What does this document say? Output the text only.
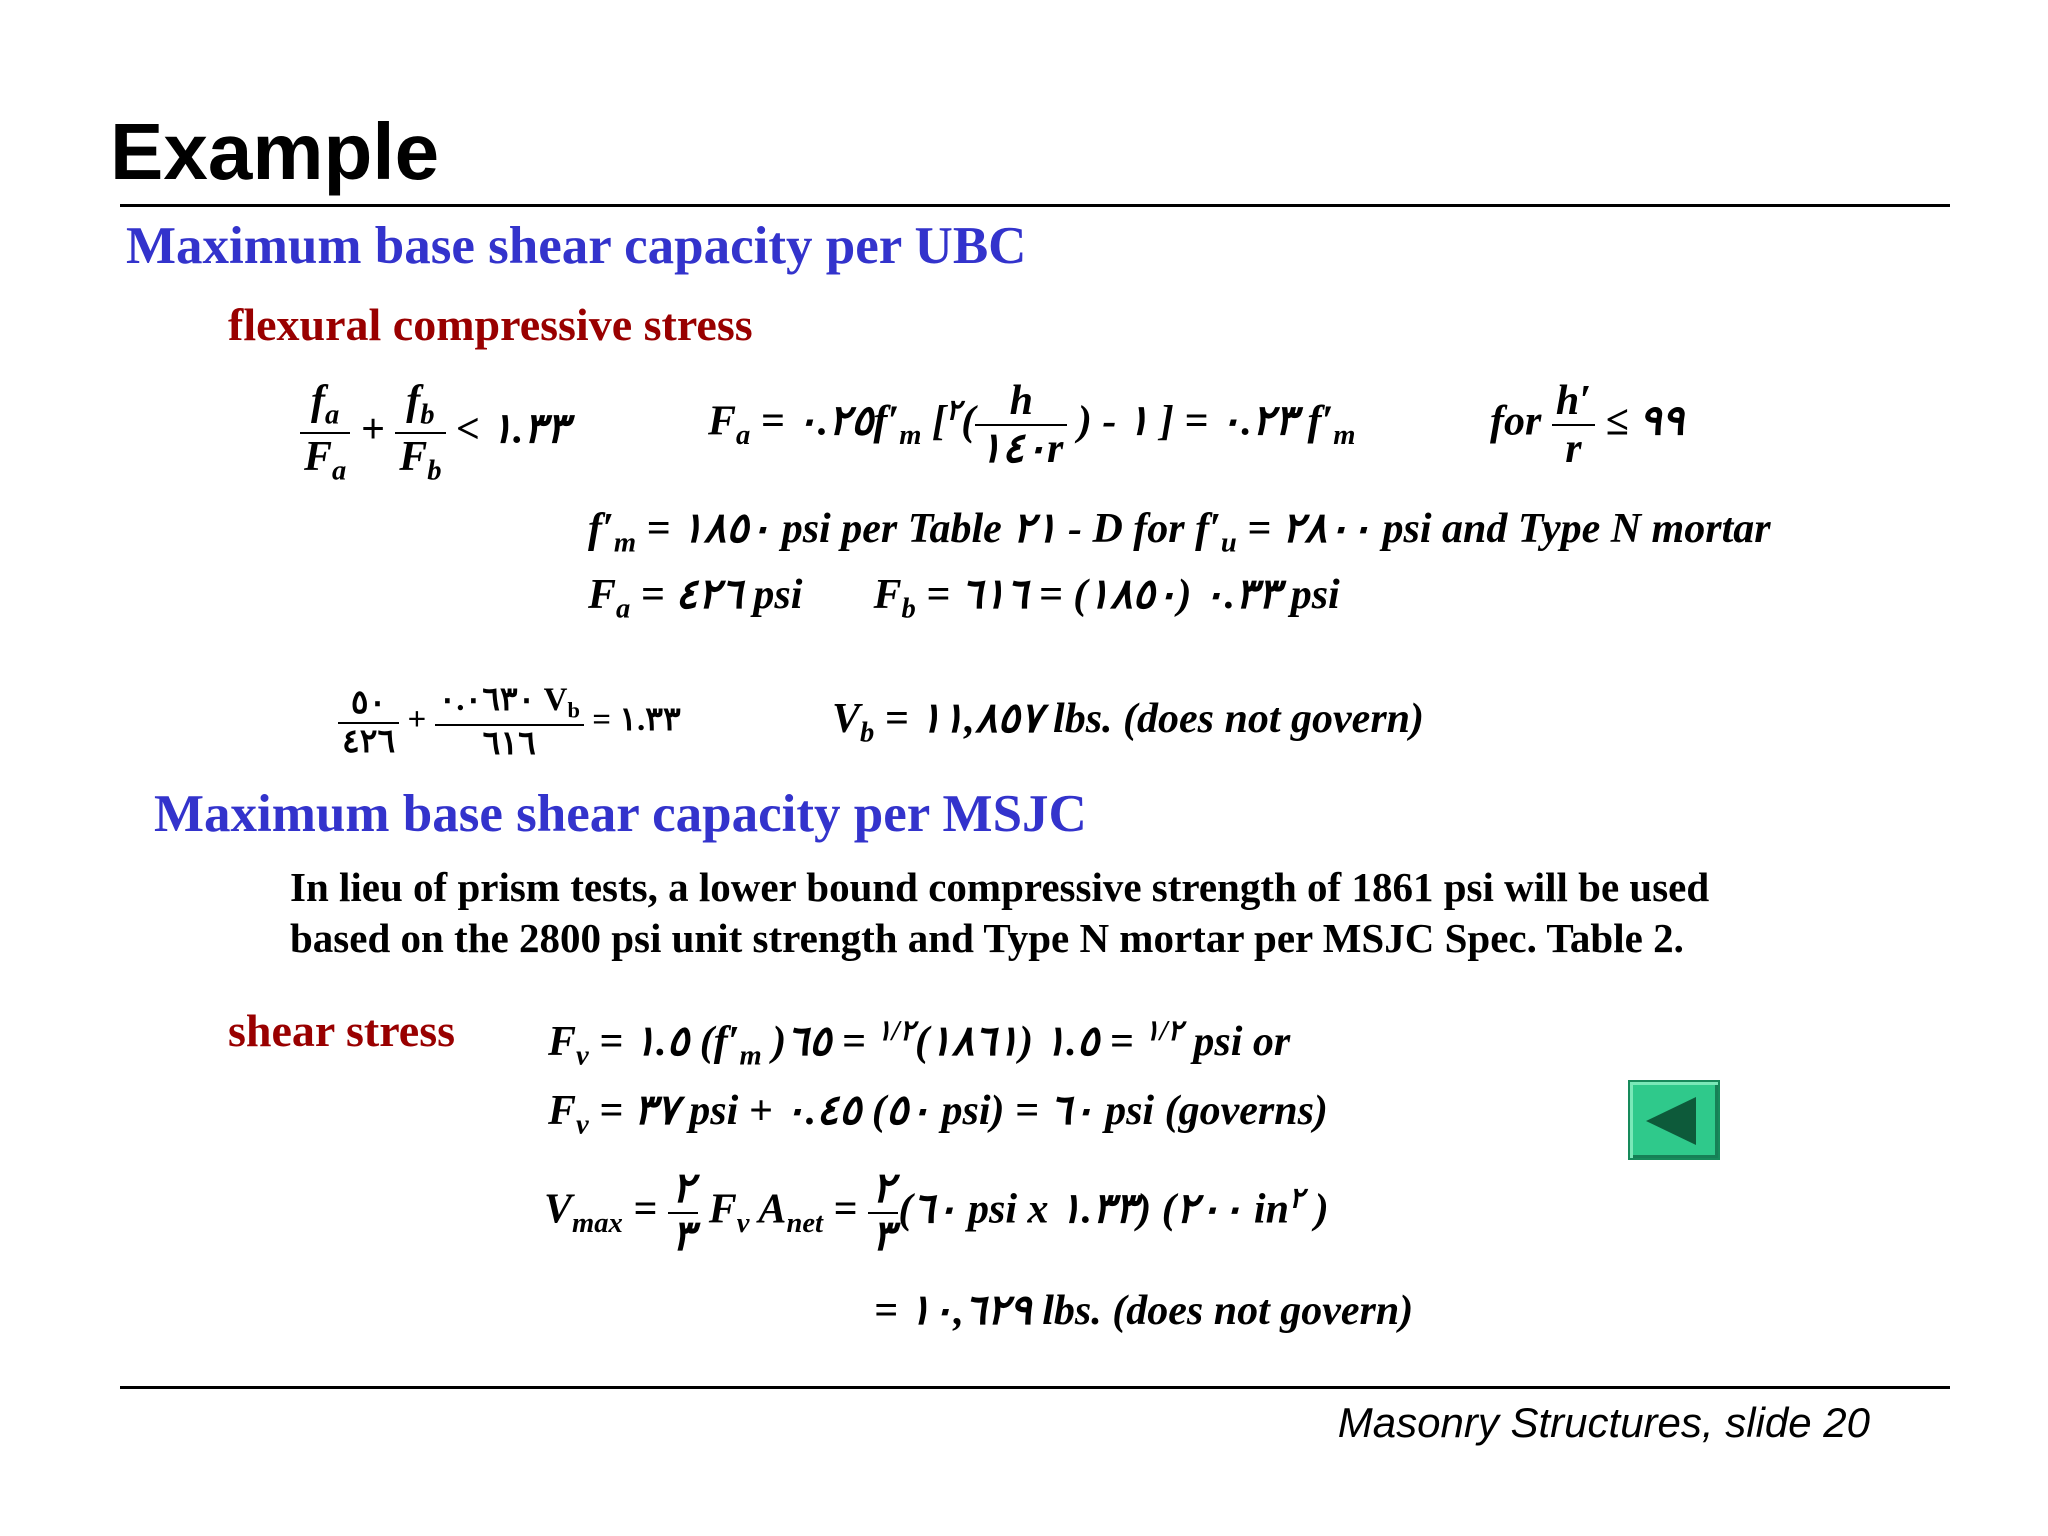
Example
Maximum base shear capacity per UBC
flexural compressive stress
$\frac{f_a}{F_a} + \frac{f_b}{F_b}$ < ١.٣٣	$F_a$ = $٠.٢٥f'_m$ [١ - (
$\frac{h}{١٤٠r}$
)$^٢$	] = ٠.٢٣ $f'_m$	for $\frac{h'}{r}$ ≤ ٩٩
$f'_m$ = ١٨٥٠ psi per Table ٢١ - D for $f'_u$ = ٢٨٠٠ psi and Type N mortar
$F_a$ = ٤٢٦ psi $F_b$ = ٠.٣٣ (١٨٥٠) = ٦١٦ psi
$\frac{٥٠}{٤٢٦} + \frac{٠.٠٦٣٠ V_b}{٦١٦}$ = ١.٣٣	$V_b$ = ١١,٨٥٧ lbs. (does not govern)
Maximum base shear capacity per MSJC
In lieu of prism tests, a lower bound compressive strength of 1861 psi will be used
based on the 2800 psi unit strength and Type N mortar per MSJC Spec. Table 2.
shear stress $F_v$ = ١.٥ ($f'_m$ )	$^{١/٢}$ = ١.٥ (١٨٦١)$^{١/٢}$ = ٦٥ psi or
$F_v$ = ٣٧ psi + ٠.٤٥ (٥٠ psi) = ٦٠ psi (governs)
$V_{max} = \frac{٢}{٣} F_v$ $A_{net} = \frac{٢}{٣}$ (٦٠ psi x ١.٣٣) (٢٠٠ $in^٢$ )
= ١٠,٦٢٩ lbs. (does not govern)
Masonry Structures, slide 20
